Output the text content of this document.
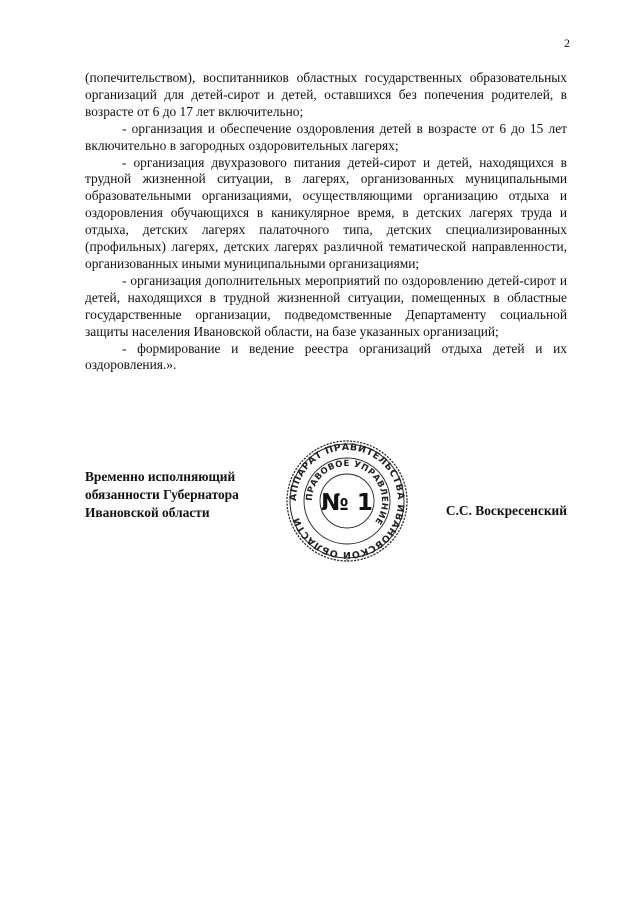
2

(попечительством), воспитанников областных государственных образовательных организаций для детей-сирот и детей, оставшихся без попечения родителей, в возрасте от 6 до 17 лет включительно;

- организация и обеспечение оздоровления детей в возрасте от 6 до 15 лет включительно в загородных оздоровительных лагерях;

- организация двухразового питания детей-сирот и детей, находящихся в трудной жизненной ситуации, в лагерях, организованных муниципальными образовательными организациями, осуществляющими организацию отдыха и оздоровления обучающихся в каникулярное время, в детских лагерях труда и отдыха, детских лагерях палаточного типа, детских специализированных (профильных) лагерях, детских лагерях различной тематической направленности, организованных иными муниципальными организациями;

- организация дополнительных мероприятий по оздоровлению детей-сирот и детей, находящихся в трудной жизненной ситуации, помещенных в областные государственные организации, подведомственные Департаменту социальной защиты населения Ивановской области, на базе указанных организаций;

- формирование и ведение реестра организаций отдыха детей и их оздоровления.».

Временно исполняющий
обязанности Губернатора
Ивановской области
АППАРАТ ПРАВИТЕЛЬСТВА ИВАНОВСКОЙ ОБЛАСТИ
ПРАВОВОЕ УПРАВЛЕНИЕ
№ 1	С.С. Воскресенский
